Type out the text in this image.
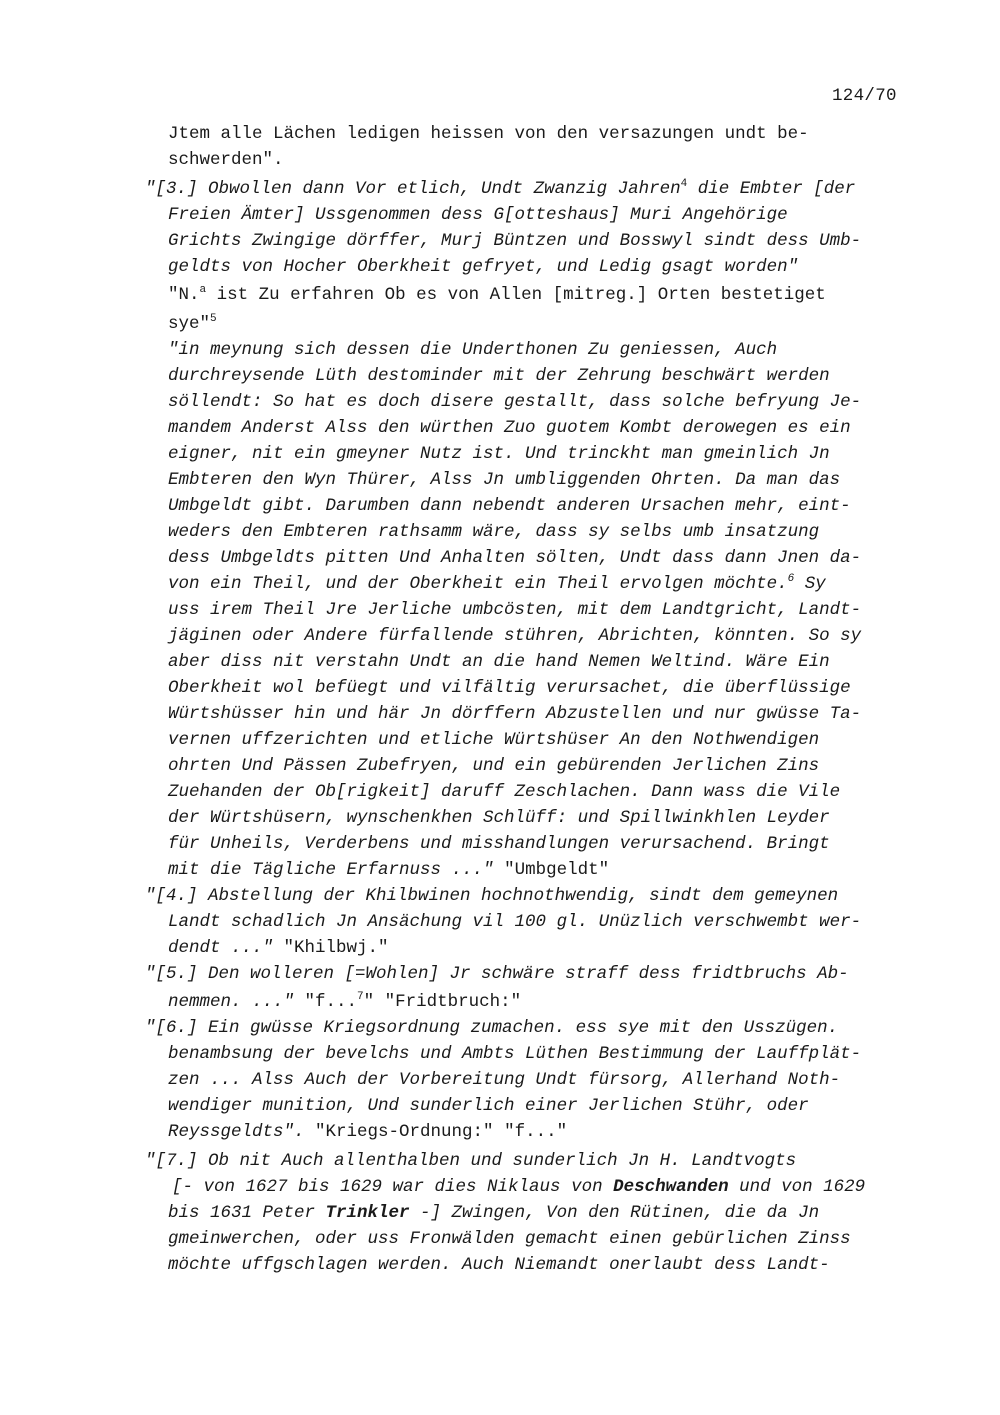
124/70
Jtem alle Lächen ledigen heissen von den versazungen undt be-
schwerden".
"[3.] Obwollen dann Vor etlich, Undt Zwanzig Jahren$^4$ die Embter [der
Freien Ämter] Ussgenommen dess G[otteshaus] Muri Angehörige
Grichts Zwingige dörffer, Murj Büntzen und Bosswyl sindt dess Umb-
geldts von Hocher Oberkheit gefryet, und Ledig gsagt worden"
"N.$^a$ ist Zu erfahren Ob es von Allen [mitreg.] Orten bestetiget
sye"$^5$
"in meynung sich dessen die Underthonen Zu geniessen, Auch
durchreysende Lüth destominder mit der Zehrung beschwärt werden
söllendt: So hat es doch disere gestallt, dass solche befryung Je-
mandem Anderst Alss den würthen Zuo guotem Kombt derowegen es ein
eigner, nit ein gmeyner Nutz ist. Und trinckht man gmeinlich Jn
Embteren den Wyn Thürer, Alss Jn umbliggenden Ohrten. Da man das
Umbgeldt gibt. Darumben dann nebendt anderen Ursachen mehr, eint-
weders den Embteren rathsamm wäre, dass sy selbs umb insatzung
dess Umbgeldts pitten Und Anhalten sölten, Undt dass dann Jnen da-
von ein Theil, und der Oberkheit ein Theil ervolgen möchte.$^6$ Sy
uss irem Theil Jre Jerliche umbcösten, mit dem Landtgricht, Landt-
jäginen oder Andere fürfallende stühren, Abrichten, könnten. So sy
aber diss nit verstahn Undt an die hand Nemen Weltind. Wäre Ein
Oberkheit wol befüegt und vilfältig verursachet, die überflüssige
Würtshüsser hin und här Jn dörffern Abzustellen und nur gwüsse Ta-
vernen uffzerichten und etliche Würtshüser An den Nothwendigen
ohrten Und Pässen Zubefryen, und ein gebürenden Jerlichen Zins
Zuehanden der Ob[rigkeit] daruff Zeschlachen. Dann wass die Vile
der Würtshüsern, wynschenkhen Schlüff: und Spillwinkhlen Leyder
für Unheils, Verderbens und misshandlungen verursachend. Bringt
mit die Tägliche Erfarnuss ..." "Umbgeldt"
"[4.] Abstellung der Khilbwinen hochnothwendig, sindt dem gemeynen
Landt schadlich Jn Ansächung vil 100 gl. Unüzlich verschwembt wer-
dendt ..." "Khilbwj."
"[5.] Den wolleren [=Wohlen] Jr schwäre straff dess fridtbruchs Ab-
nemmen. ..." "f...$^7$" "Fridtbruch:"
"[6.] Ein gwüsse Kriegsordnung zumachen. ess sye mit den Usszügen.
benambsung der bevelchs und Ambts Lüthen Bestimmung der Lauffplät-
zen ... Alss Auch der Vorbereitung Undt fürsorg, Allerhand Noth-
wendiger munition, Und sunderlich einer Jerlichen Stühr, oder
Reyssgeldts". "Kriegs-Ordnung:" "f..."
"[7.] Ob nit Auch allenthalben und sunderlich Jn H. Landtvogts
[- von 1627 bis 1629 war dies Niklaus von Deschwanden und von 1629
bis 1631 Peter Trinkler -] Zwingen, Von den Rütinen, die da Jn
gmeinwerchen, oder uss Fronwälden gemacht einen gebürlichen Zinss
möchte uffgschlagen werden. Auch Niemandt onerlaubt dess Landt-
